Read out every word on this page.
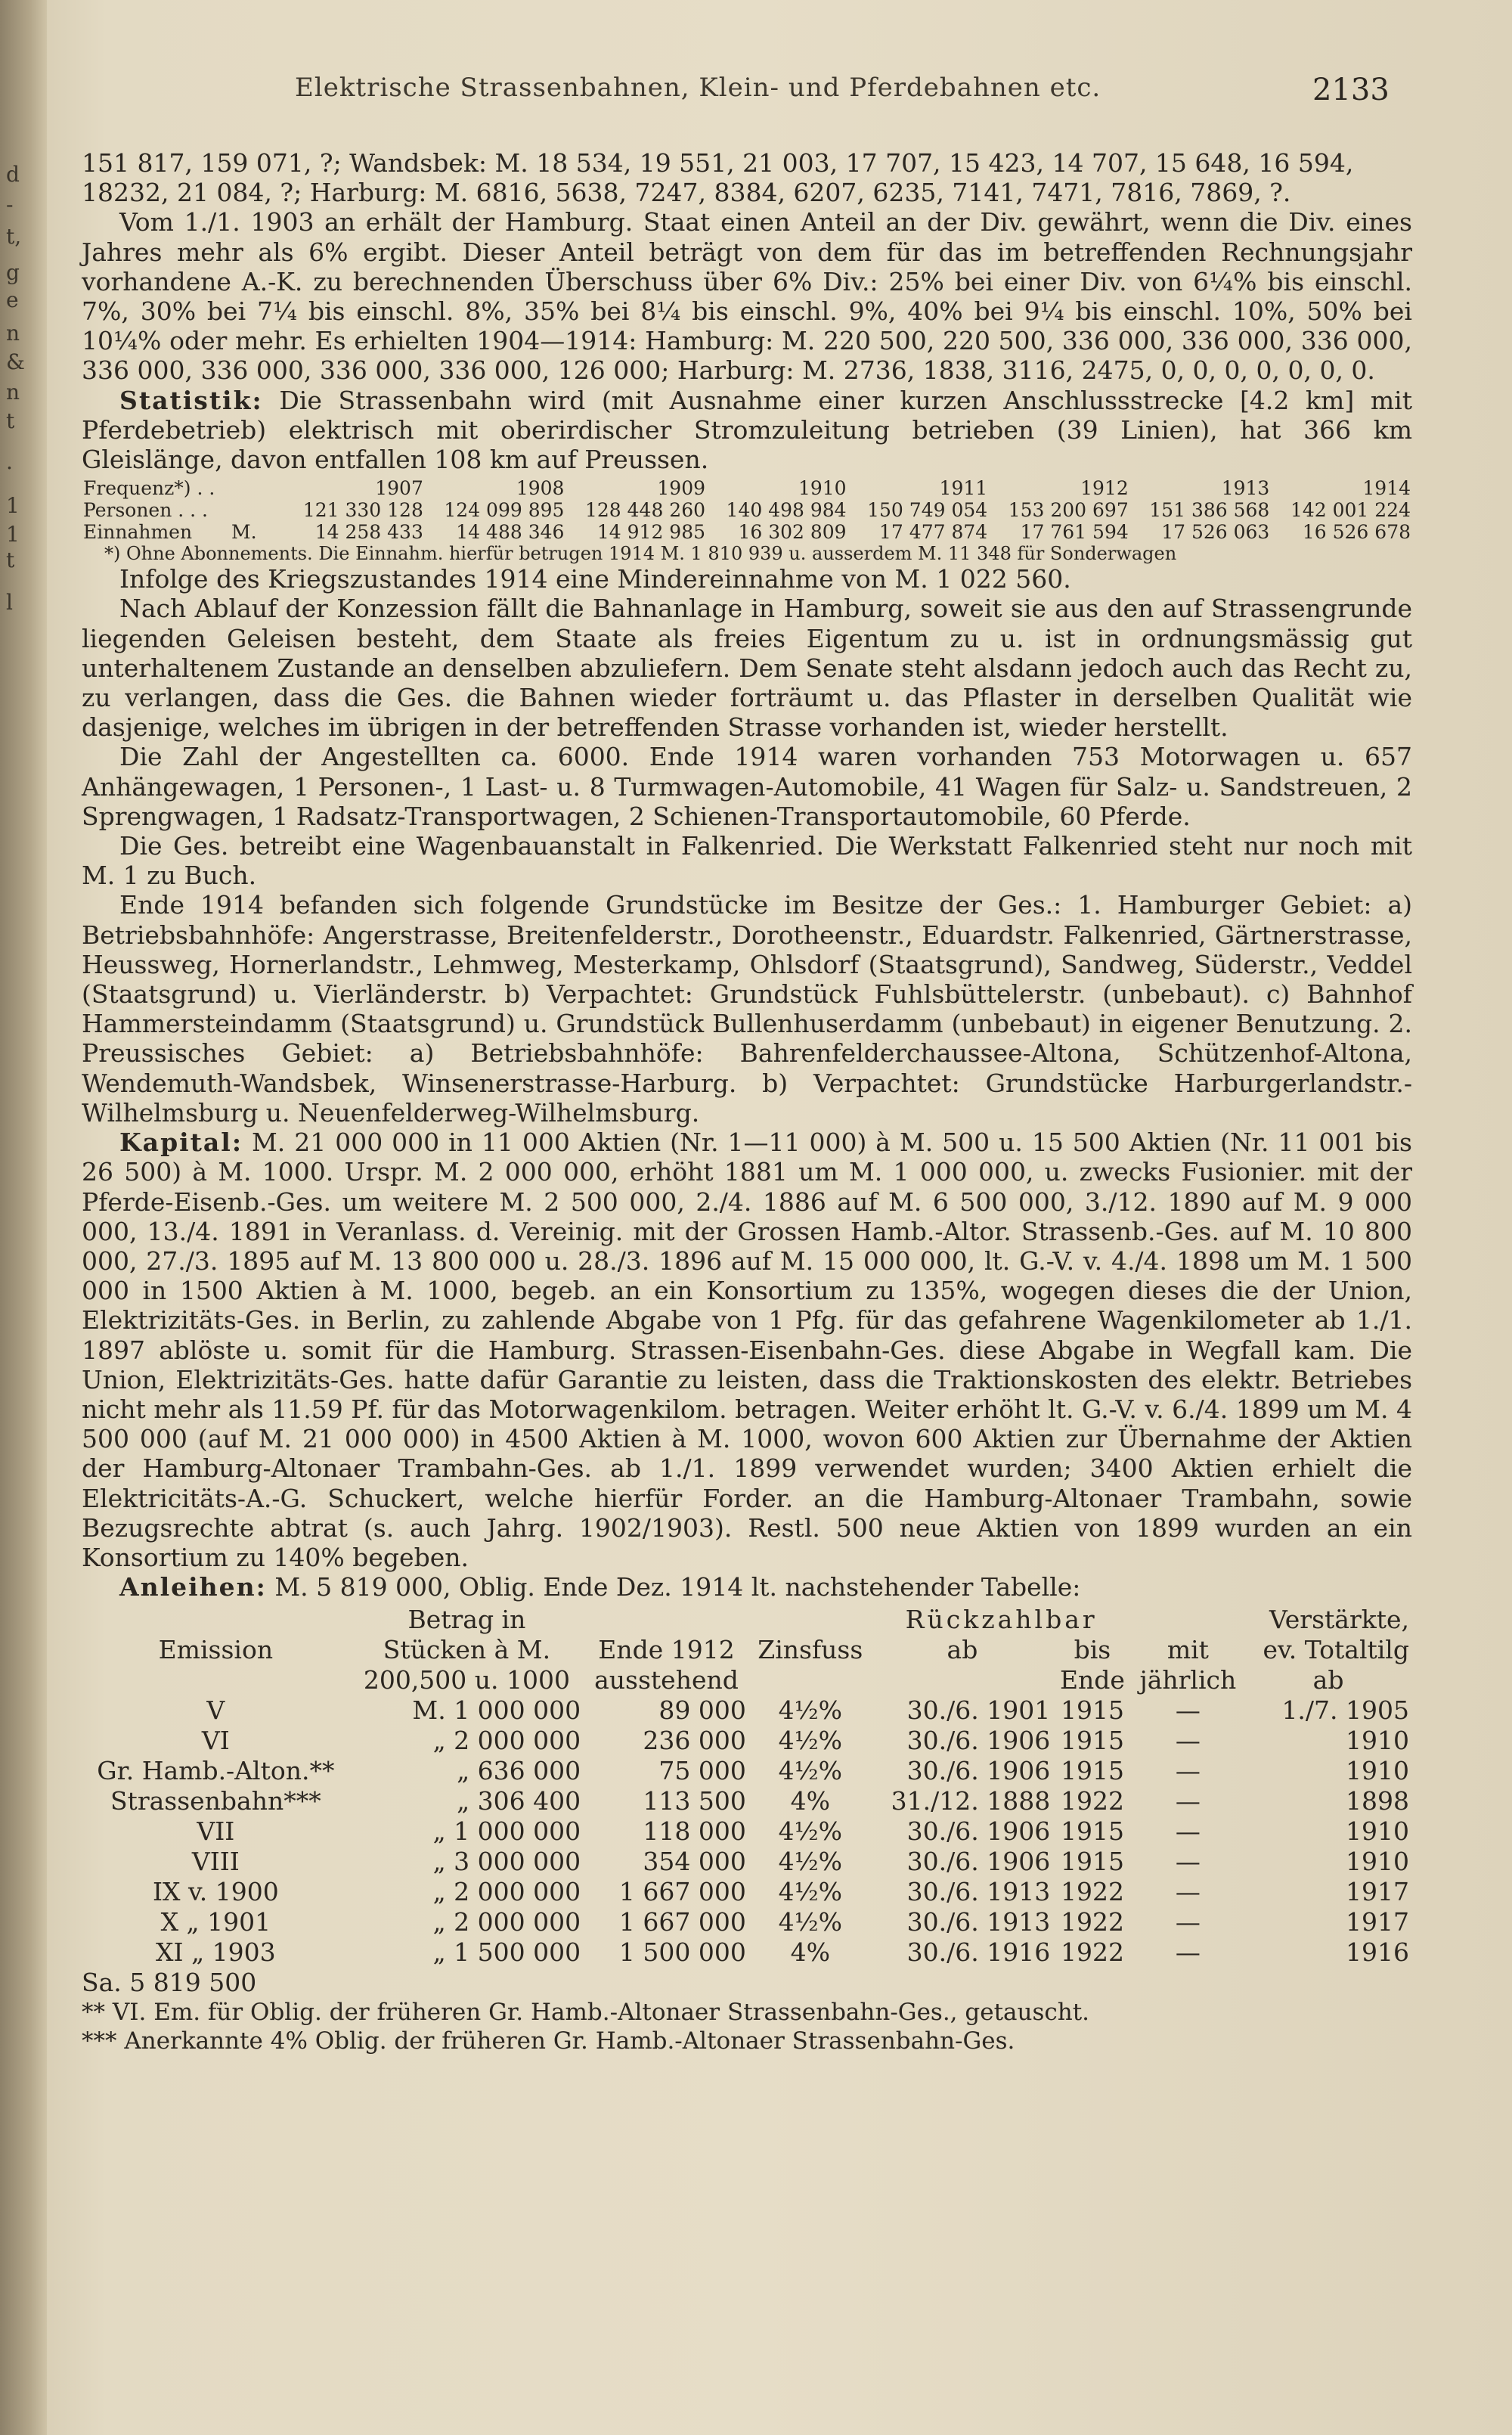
d
-
t,
g
e
n
&
n
t
.
1
1
t
l
Elektrische Strassenbahnen, Klein- und Pferdebahnen etc.	2133

151 817, 159 071, ?; Wandsbek: M. 18 534, 19 551, 21 003, 17 707, 15 423, 14 707, 15 648, 16 594,

18232, 21 084, ?; Harburg: M. 6816, 5638, 7247, 8384, 6207, 6235, 7141, 7471, 7816, 7869, ?.

Vom 1./1. 1903 an erhält der Hamburg. Staat einen Anteil an der Div. gewährt, wenn die Div. eines Jahres mehr als 6% ergibt. Dieser Anteil beträgt von dem für das im betreffenden Rechnungsjahr vorhandene A.-K. zu berechnenden Überschuss über 6% Div.: 25% bei einer Div. von 6¼% bis einschl. 7%, 30% bei 7¼ bis einschl. 8%, 35% bei 8¼ bis einschl. 9%, 40% bei 9¼ bis einschl. 10%, 50% bei 10¼% oder mehr. Es erhielten 1904—1914: Hamburg: M. 220 500, 220 500, 336 000, 336 000, 336 000, 336 000, 336 000, 336 000, 336 000, 126 000; Harburg: M. 2736, 1838, 3116, 2475, 0, 0, 0, 0, 0, 0, 0.

Statistik: Die Strassenbahn wird (mit Ausnahme einer kurzen Anschlussstrecke [4.2 km] mit Pferdebetrieb) elektrisch mit oberirdischer Stromzuleitung betrieben (39 Linien), hat 366 km Gleislänge, davon entfallen 108 km auf Preussen.

Frequenz*) . .	1907	1908	1909	1910	1911	1912	1913	1914
Personen . . .	121 330 128	124 099 895	128 448 260	140 498 984	150 749 054	153 200 697	151 386 568	142 001 224
Einnahmen M.	14 258 433	14 488 346	14 912 985	16 302 809	17 477 874	17 761 594	17 526 063	16 526 678

*) Ohne Abonnements. Die Einnahm. hierfür betrugen 1914 M. 1 810 939 u. ausserdem M. 11 348 für Sonderwagen

Infolge des Kriegszustandes 1914 eine Mindereinnahme von M. 1 022 560.

Nach Ablauf der Konzession fällt die Bahnanlage in Hamburg, soweit sie aus den auf Strassengrunde liegenden Geleisen besteht, dem Staate als freies Eigentum zu u. ist in ordnungsmässig gut unterhaltenem Zustande an denselben abzuliefern. Dem Senate steht alsdann jedoch auch das Recht zu, zu verlangen, dass die Ges. die Bahnen wieder forträumt u. das Pflaster in derselben Qualität wie dasjenige, welches im übrigen in der betreffenden Strasse vorhanden ist, wieder herstellt.

Die Zahl der Angestellten ca. 6000. Ende 1914 waren vorhanden 753 Motorwagen u. 657 Anhängewagen, 1 Personen-, 1 Last- u. 8 Turmwagen-Automobile, 41 Wagen für Salz- u. Sandstreuen, 2 Sprengwagen, 1 Radsatz-Transportwagen, 2 Schienen-Transportautomobile, 60 Pferde.

Die Ges. betreibt eine Wagenbauanstalt in Falkenried. Die Werkstatt Falkenried steht nur noch mit M. 1 zu Buch.

Ende 1914 befanden sich folgende Grundstücke im Besitze der Ges.: 1. Hamburger Gebiet: a) Betriebsbahnhöfe: Angerstrasse, Breitenfelderstr., Dorotheenstr., Eduardstr. Falkenried, Gärtnerstrasse, Heussweg, Hornerlandstr., Lehmweg, Mesterkamp, Ohlsdorf (Staatsgrund), Sandweg, Süderstr., Veddel (Staatsgrund) u. Vierländerstr. b) Verpachtet: Grundstück Fuhlsbüttelerstr. (unbebaut). c) Bahnhof Hammersteindamm (Staatsgrund) u. Grundstück Bullenhuserdamm (unbebaut) in eigener Benutzung. 2. Preussisches Gebiet: a) Betriebsbahnhöfe: Bahrenfelderchaussee-Altona, Schützenhof-Altona, Wendemuth-Wandsbek, Winsenerstrasse-Harburg. b) Verpachtet: Grundstücke Harburgerlandstr.-Wilhelmsburg u. Neuenfelderweg-Wilhelmsburg.

Kapital: M. 21 000 000 in 11 000 Aktien (Nr. 1—11 000) à M. 500 u. 15 500 Aktien (Nr. 11 001 bis 26 500) à M. 1000. Urspr. M. 2 000 000, erhöht 1881 um M. 1 000 000, u. zwecks Fusionier. mit der Pferde-Eisenb.-Ges. um weitere M. 2 500 000, 2./4. 1886 auf M. 6 500 000, 3./12. 1890 auf M. 9 000 000, 13./4. 1891 in Veranlass. d. Vereinig. mit der Grossen Hamb.-Altor. Strassenb.-Ges. auf M. 10 800 000, 27./3. 1895 auf M. 13 800 000 u. 28./3. 1896 auf M. 15 000 000, lt. G.-V. v. 4./4. 1898 um M. 1 500 000 in 1500 Aktien à M. 1000, begeb. an ein Konsortium zu 135%, wogegen dieses die der Union, Elektrizitäts-Ges. in Berlin, zu zahlende Abgabe von 1 Pfg. für das gefahrene Wagenkilometer ab 1./1. 1897 ablöste u. somit für die Hamburg. Strassen-Eisenbahn-Ges. diese Abgabe in Wegfall kam. Die Union, Elektrizitäts-Ges. hatte dafür Garantie zu leisten, dass die Traktionskosten des elektr. Betriebes nicht mehr als 11.59 Pf. für das Motorwagenkilom. betragen. Weiter erhöht lt. G.-V. v. 6./4. 1899 um M. 4 500 000 (auf M. 21 000 000) in 4500 Aktien à M. 1000, wovon 600 Aktien zur Übernahme der Aktien der Hamburg-Altonaer Trambahn-Ges. ab 1./1. 1899 verwendet wurden; 3400 Aktien erhielt die Elektricitäts-A.-G. Schuckert, welche hierfür Forder. an die Hamburg-Altonaer Trambahn, sowie Bezugsrechte abtrat (s. auch Jahrg. 1902/1903). Restl. 500 neue Aktien von 1899 wurden an ein Konsortium zu 140% begeben.

Anleihen: M. 5 819 000, Oblig. Ende Dez. 1914 lt. nachstehender Tabelle:

	Betrag in			Rückzahlbar			Verstärkte,
Emission	Stücken à M.	Ende 1912	Zinsfuss	ab	bis	mit	ev. Totaltilg
	200,500 u. 1000	ausstehend			Ende	jährlich	ab
V	M. 1 000 000	89 000	4½%	30./6. 1901	1915	—	1./7. 1905
VI	„ 2 000 000	236 000	4½%	30./6. 1906	1915	—	1910
Gr. Hamb.-Alton.**	„ 636 000	75 000	4½%	30./6. 1906	1915	—	1910
Strassenbahn***	„ 306 400	113 500	4%	31./12. 1888	1922	—	1898
VII	„ 1 000 000	118 000	4½%	30./6. 1906	1915	—	1910
VIII	„ 3 000 000	354 000	4½%	30./6. 1906	1915	—	1910
IX v. 1900	„ 2 000 000	1 667 000	4½%	30./6. 1913	1922	—	1917
X „ 1901	„ 2 000 000	1 667 000	4½%	30./6. 1913	1922	—	1917
XI „ 1903	„ 1 500 000	1 500 000	4%	30./6. 1916	1922	—	1916

Sa. 5 819 500

** VI. Em. für Oblig. der früheren Gr. Hamb.-Altonaer Strassenbahn-Ges., getauscht.

*** Anerkannte 4% Oblig. der früheren Gr. Hamb.-Altonaer Strassenbahn-Ges.
